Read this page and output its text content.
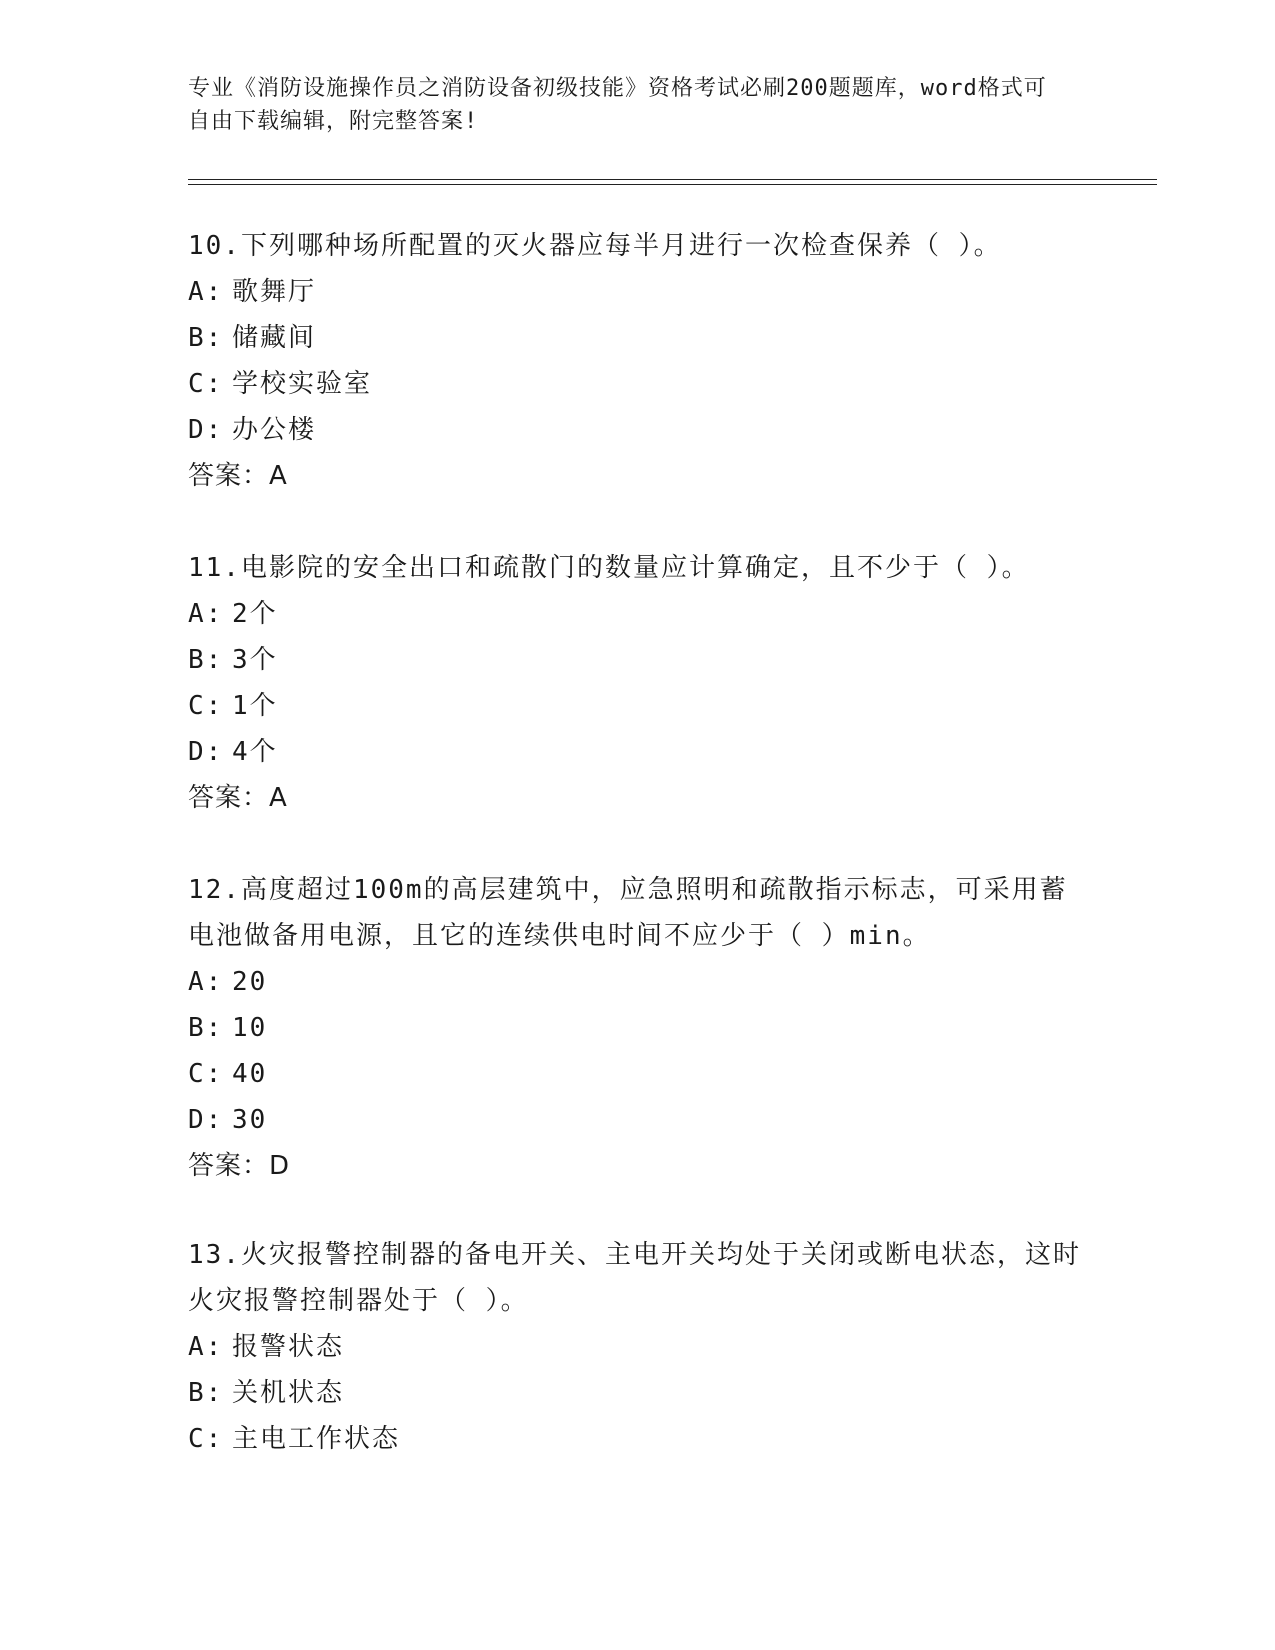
专业《消防设施操作员之消防设备初级技能》资格考试必刷200题题库，word格式可自由下载编辑，附完整答案!

10.下列哪种场所配置的灭火器应每半月进行一次检查保养（ ）。

A: 歌舞厅

B: 储藏间

C: 学校实验室

D: 办公楼

答案：A

11.电影院的安全出口和疏散门的数量应计算确定，且不少于（ ）。

A: 2个

B: 3个

C: 1个

D: 4个

答案：A

12.高度超过100m的高层建筑中，应急照明和疏散指示标志，可采用蓄电池做备用电源，且它的连续供电时间不应少于（ ）min。

A: 20

B: 10

C: 40

D: 30

答案：D

13.火灾报警控制器的备电开关、主电开关均处于关闭或断电状态，这时火灾报警控制器处于（ ）。

A: 报警状态

B: 关机状态

C: 主电工作状态
